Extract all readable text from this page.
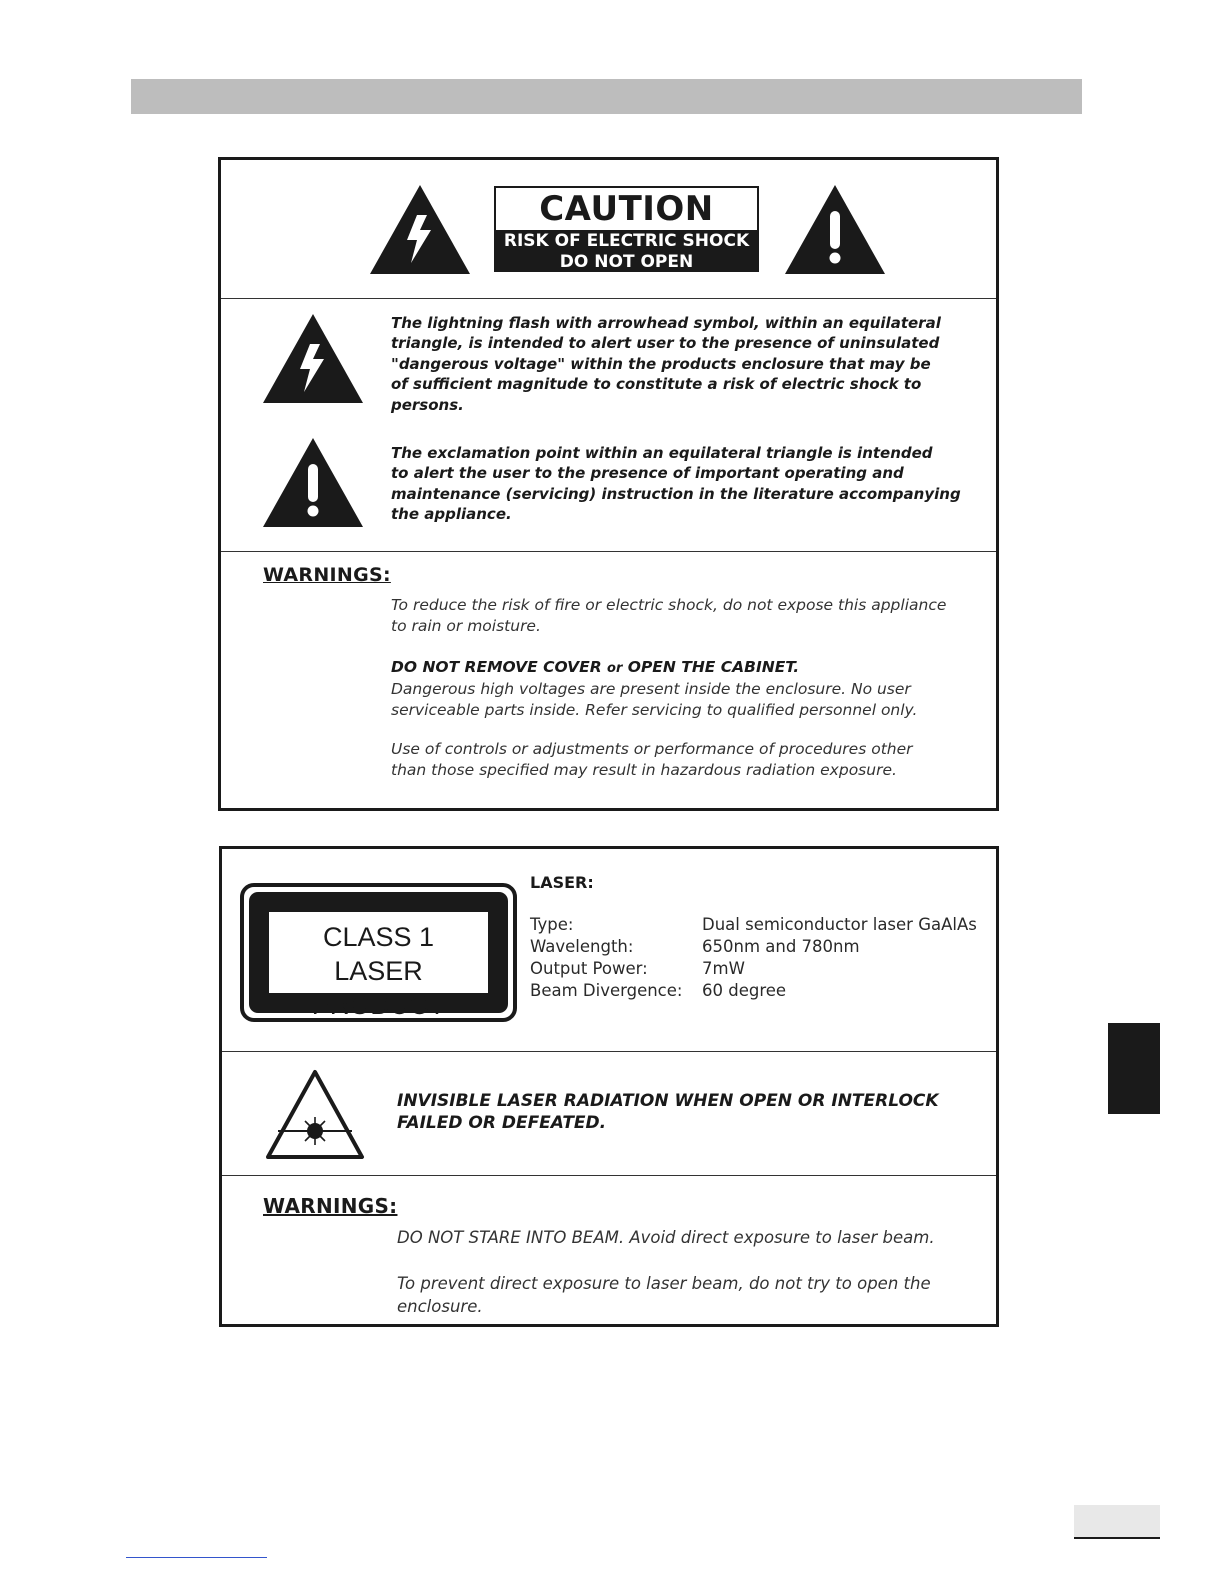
CAUTION
RISK OF ELECTRIC SHOCK
DO NOT OPEN
The lightning flash with arrowhead symbol, within an equilateral
triangle, is intended to alert user to the presence of uninsulated
"dangerous voltage" within the products enclosure that may be
of sufficient magnitude to constitute a risk of electric shock to
persons.
The exclamation point within an equilateral triangle is intended
to alert the user to the presence of important operating and
maintenance (servicing) instruction in the literature accompanying
the appliance.
WARNINGS:
To reduce the risk of fire or electric shock, do not expose this appliance
to rain or moisture.
DO NOT REMOVE COVER or OPEN THE CABINET.
Dangerous high voltages are present inside the enclosure. No user
serviceable parts inside. Refer servicing to qualified personnel only.
Use of controls or adjustments or performance of procedures other
than those specified may result in hazardous radiation exposure.
CLASS 1
LASER PRODUCT
LASER:
Type:	Dual semiconductor laser GaAlAs
Wavelength:	650nm and 780nm
Output Power:	7mW
Beam Divergence: 60 degree
INVISIBLE LASER RADIATION WHEN OPEN OR INTERLOCK
FAILED OR DEFEATED.
WARNINGS:
DO NOT STARE INTO BEAM. Avoid direct exposure to laser beam.
To prevent direct exposure to laser beam, do not try to open the
enclosure.
